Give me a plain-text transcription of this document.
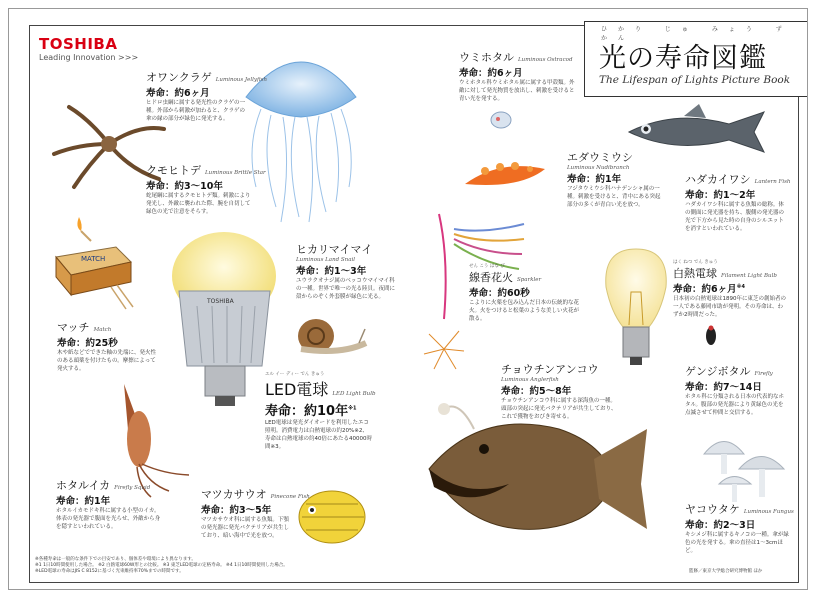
TOSHIBA
Leading Innovation >>>
ひかり じゅ みょう ず かん
光の寿命図鑑
The Lifespan of Lights Picture Book
MATCH
TOSHIBA
オワンクラゲ Luminous Jellyfish
寿命：約6ヶ月
ヒドロ虫綱に属する発光性のクラゲの一種。外部から刺激が加わると、クラゲの傘の縁の部分が緑色に発光する。
クモヒトデ Luminous Brittle Star
寿命：約3〜10年
蛇尾綱に属するクモヒトデ類。刺激により発光し、外敵に襲われた際、腕を自切して緑色の光で注意をそらす。
マッチ Match
寿命：約25秒
木や紙などでできた軸の先端に、発火性のある頭薬を付けたもの。摩擦によって発火する。
ヒカリマイマイ
Luminous Land Snail
寿命：約1〜3年
ユウラクオナジ属のベッコウマイマイ科の一種。世界で唯一の光る陸貝。夜間に殻からのぞく外套膜が緑色に光る。
エル イー ディー でん きゅう
LED電球 LED Light Bulb
寿命：約10年$^{※1}$
LED電球は発光ダイオードを利用したエコ照明。消費電力は白熱電球の約20%※2、寿命は白熱電球の約40倍にあたる40000時間※3。
ウミホタル Luminous Ostracod
寿命：約6ヶ月
ウミホタル科ウミホタル属に属する甲殻類。外敵に対して発光物質を放出し、刺激を受けると青い光を発する。
エダウミウシ
Luminous Nudibranch
寿命：約1年
フジタウミウシ科ハナデンシャ属の一種。刺激を受けると、背中にある突起部分の多くが青白い光を放つ。
ハダカイワシ Lantern Fish
寿命：約1〜2年
ハダカイワシ科に属する魚類の総称。体の側面に発光器を持ち、腹側の発光器の光で下方から見た時の自身のシルエットを消すといわれている。
せん こう はな び
線香花火 Sparkler
寿命：約60秒
こよりに火薬を包み込んだ日本の伝統的な花火。火をつけると松葉のような美しい火花が散る。
はく ねつ でん きゅう
白熱電球 Filament Light Bulb
寿命：約6ヶ月$^{※4}$
日本初の白熱電球は1890年に東芝の創始者の一人である藤岡市助が発明。その寿命は、わずか2時間だった。
ゲンジボタル Firefly
寿命：約7〜14日
ホタル科に分類される日本の代表的なホタル。腹部の発光器により黄緑色の光を点滅させて仲間と交信する。
チョウチンアンコウ
Luminous Anglerfish
寿命：約5〜8年
チョウチンアンコウ科に属する深海魚の一種。頭部の突起に発光バクテリアが共生しており、これで獲物をおびき寄せる。
ホタルイカ Firefly Squid
寿命：約1年
ホタルイカモドキ科に属する小型のイカ。体表の発光器で腹面を光らせ、外敵から身を隠すといわれている。
マツカサウオ Pinecone Fish
寿命：約3〜5年
マツカサウオ科に属する魚類。下顎の発光器に発光バクテリアが共生しており、暗い海中で光を放つ。
ヤコウタケ Luminous Fungus
寿命：約2〜3日
キシメジ科に属するキノコの一種。傘が緑色の光を発する。傘の直径は1〜3cmほど。
※各種寿命は一般的な条件下での目安であり、個体差や環境により異なります。
※1 1日10時間使用した場合。 ※2 白熱電球60W形との比較。 ※3 東芝LED電球の定格寿命。 ※4 1日10時間使用した場合。
※LED電球の寿命はJIS C 8152に基づく光束維持率70%までの時間です。	監修／東京大学総合研究博物館 ほか
